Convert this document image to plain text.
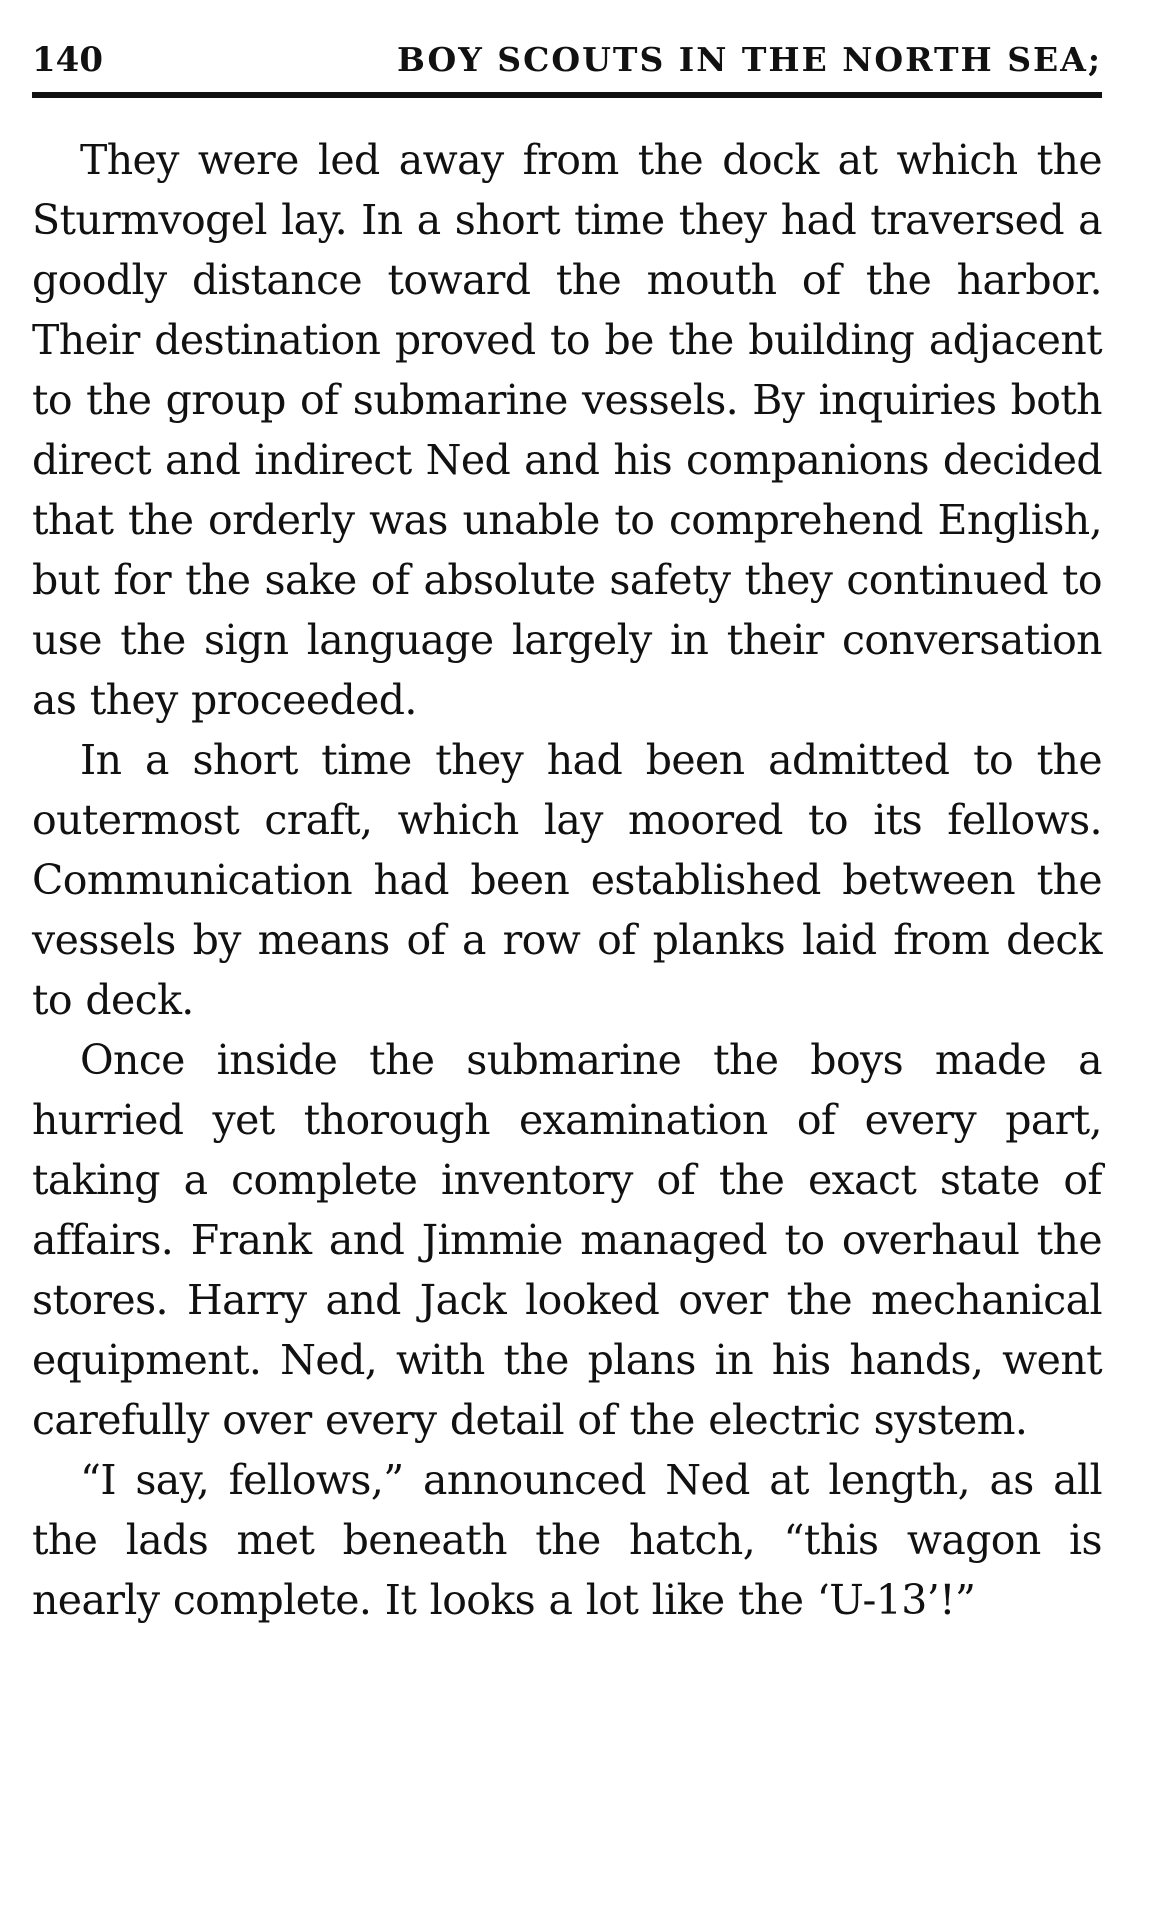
140	BOY SCOUTS IN THE NORTH SEA;

They were led away from the dock at which the Sturmvogel lay. In a short time they had traversed a goodly distance toward the mouth of the harbor. Their destination proved to be the building adjacent to the group of submarine vessels. By inquiries both direct and indirect Ned and his companions decided that the orderly was unable to comprehend English, but for the sake of absolute safety they continued to use the sign language largely in their conversation as they proceeded.

In a short time they had been admitted to the outermost craft, which lay moored to its fellows. Communication had been established between the vessels by means of a row of planks laid from deck to deck.

Once inside the submarine the boys made a hurried yet thorough examination of every part, taking a complete inventory of the exact state of affairs. Frank and Jimmie managed to overhaul the stores. Harry and Jack looked over the mechanical equipment. Ned, with the plans in his hands, went carefully over every detail of the electric system.

“I say, fellows,” announced Ned at length, as all the lads met beneath the hatch, “this wagon is nearly complete. It looks a lot like the ‘U-13’!”
